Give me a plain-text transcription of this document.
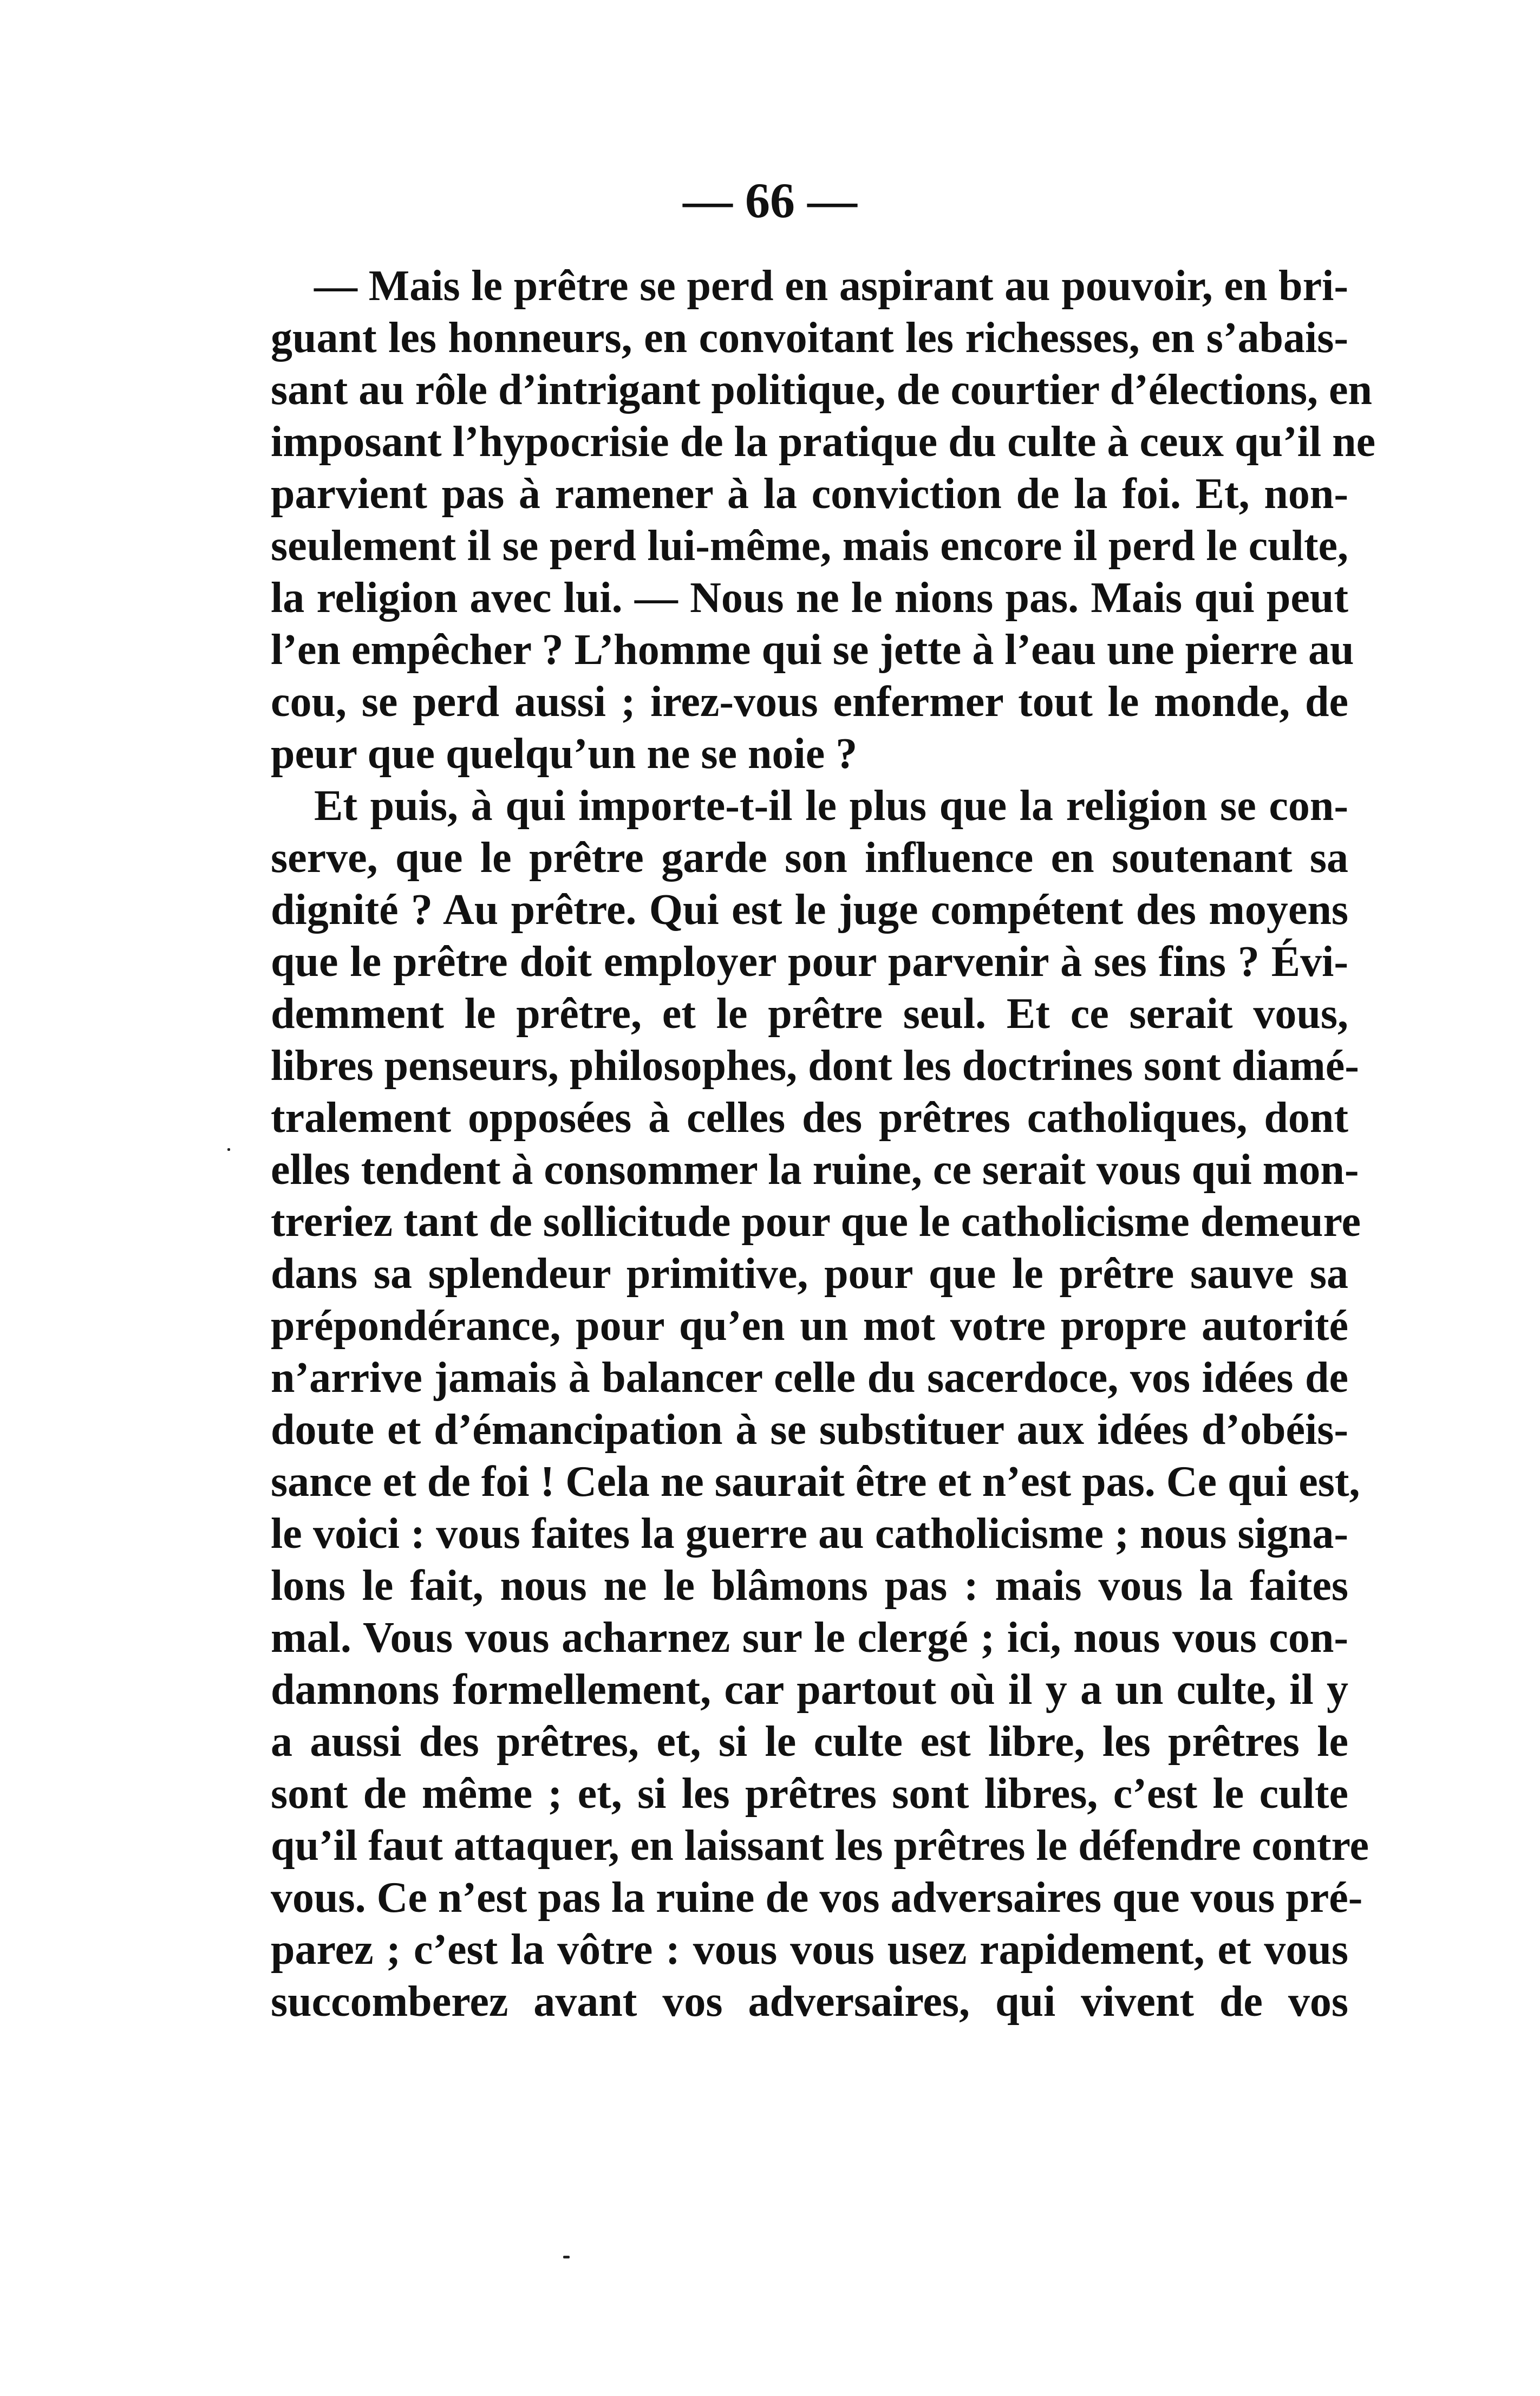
— 66 —
— Mais le prêtre se perd en aspirant au pouvoir, en bri-
guant les honneurs, en convoitant les richesses, en s’abais-
sant au rôle d’intrigant politique, de courtier d’élections, en
imposant l’hypocrisie de la pratique du culte à ceux qu’il ne
parvient pas à ramener à la conviction de la foi. Et, non-
seulement il se perd lui-même, mais encore il perd le culte,
la religion avec lui. — Nous ne le nions pas. Mais qui peut
l’en empêcher ? L’homme qui se jette à l’eau une pierre au
cou, se perd aussi ; irez-vous enfermer tout le monde, de
peur que quelqu’un ne se noie ?
Et puis, à qui importe-t-il le plus que la religion se con-
serve, que le prêtre garde son influence en soutenant sa
dignité ? Au prêtre. Qui est le juge compétent des moyens
que le prêtre doit employer pour parvenir à ses fins ? Évi-
demment le prêtre, et le prêtre seul. Et ce serait vous,
libres penseurs, philosophes, dont les doctrines sont diamé-
tralement opposées à celles des prêtres catholiques, dont
elles tendent à consommer la ruine, ce serait vous qui mon-
treriez tant de sollicitude pour que le catholicisme demeure
dans sa splendeur primitive, pour que le prêtre sauve sa
prépondérance, pour qu’en un mot votre propre autorité
n’arrive jamais à balancer celle du sacerdoce, vos idées de
doute et d’émancipation à se substituer aux idées d’obéis-
sance et de foi ! Cela ne saurait être et n’est pas. Ce qui est,
le voici : vous faites la guerre au catholicisme ; nous signa-
lons le fait, nous ne le blâmons pas : mais vous la faites
mal. Vous vous acharnez sur le clergé ; ici, nous vous con-
damnons formellement, car partout où il y a un culte, il y
a aussi des prêtres, et, si le culte est libre, les prêtres le
sont de même ; et, si les prêtres sont libres, c’est le culte
qu’il faut attaquer, en laissant les prêtres le défendre contre
vous. Ce n’est pas la ruine de vos adversaires que vous pré-
parez ; c’est la vôtre : vous vous usez rapidement, et vous
succomberez avant vos adversaires, qui vivent de vos
